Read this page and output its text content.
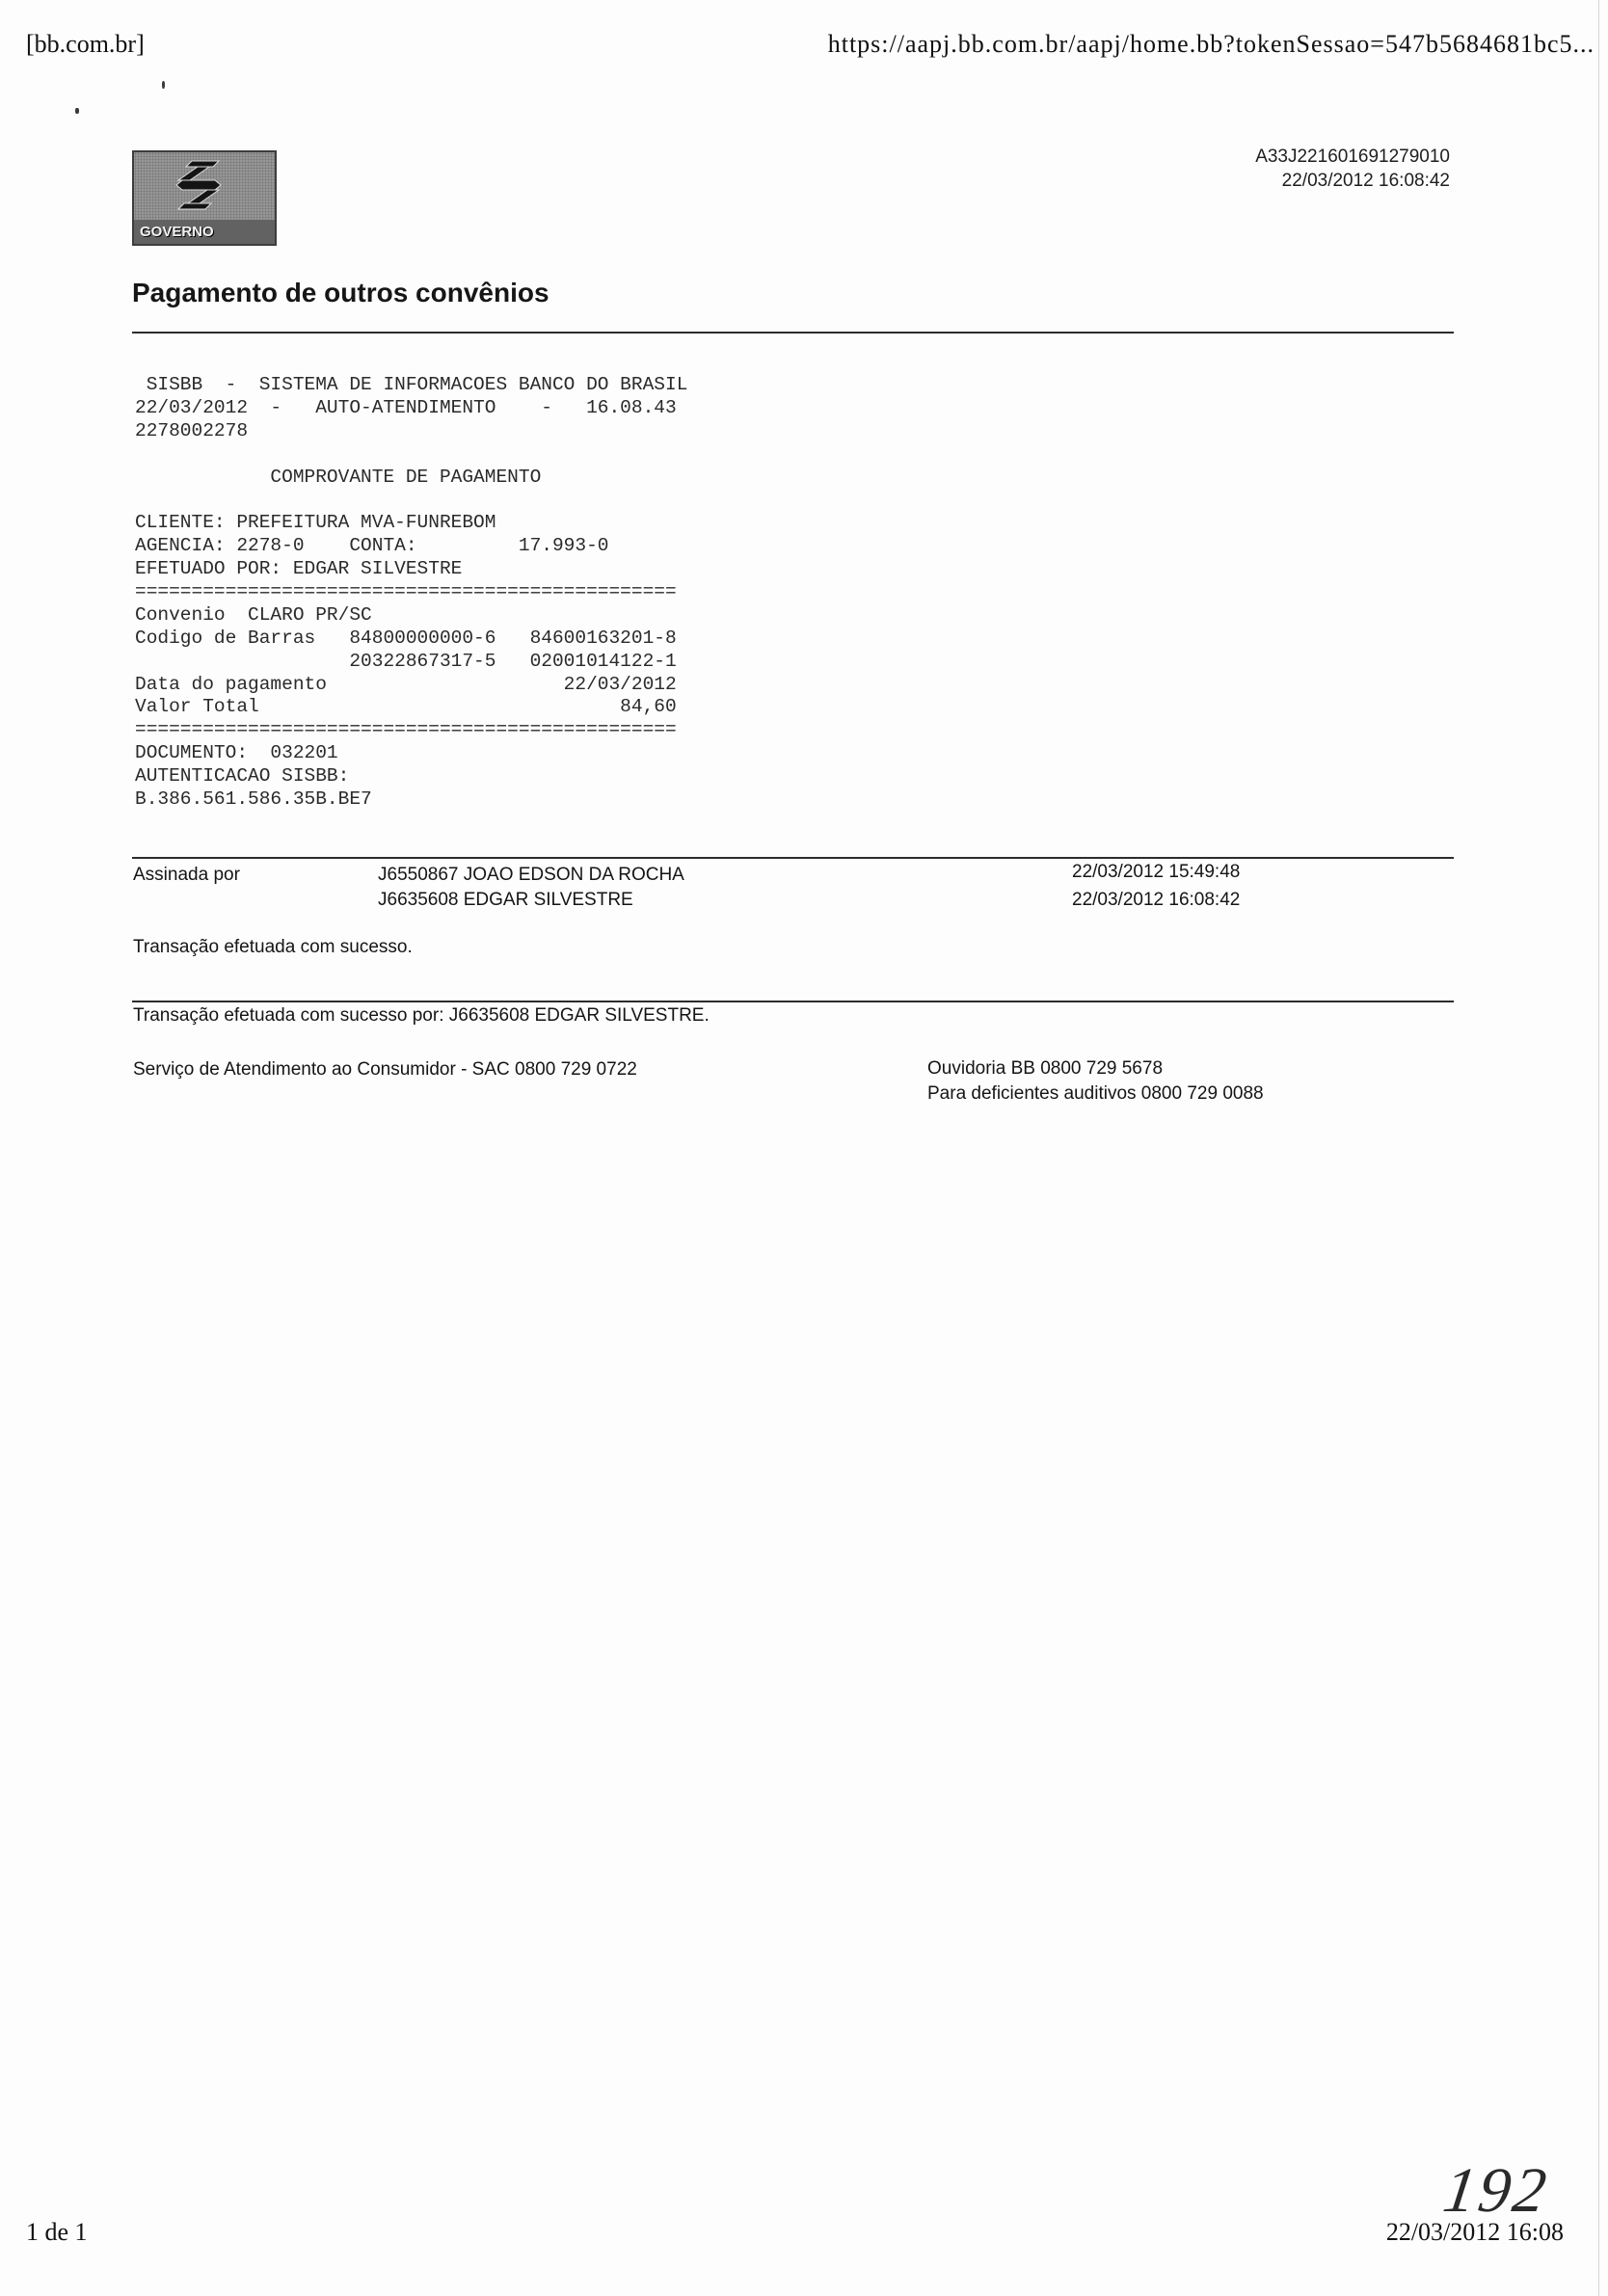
[bb.com.br]	https://aapj.bb.com.br/aapj/home.bb?tokenSessao=547b5684681bc5...
GOVERNO
A33J221601691279010
22/03/2012 16:08:42
Pagamento de outros convênios
SISBB  -  SISTEMA DE INFORMACOES BANCO DO BRASIL
22/03/2012  -   AUTO-ATENDIMENTO    -   16.08.43
2278002278
COMPROVANTE DE PAGAMENTO
CLIENTE: PREFEITURA MVA-FUNREBOM
AGENCIA: 2278-0    CONTA:         17.993-0
EFETUADO POR: EDGAR SILVESTRE
================================================
Convenio  CLARO PR/SC
Codigo de Barras   84800000000-6   84600163201-8
20322867317-5   02001014122-1
Data do pagamento                     22/03/2012
Valor Total                                84,60
================================================
DOCUMENTO:  032201
AUTENTICACAO SISBB:
B.386.561.586.35B.BE7
Assinada por	J6550867 JOAO EDSON DA ROCHA	22/03/2012 15:49:48
J6635608 EDGAR SILVESTRE	22/03/2012 16:08:42
Transação efetuada com sucesso.
Transação efetuada com sucesso por: J6635608 EDGAR SILVESTRE.
Serviço de Atendimento ao Consumidor - SAC 0800 729 0722	Ouvidoria BB 0800 729 5678
Para deficientes auditivos 0800 729 0088
192
1 de 1	22/03/2012 16:08
